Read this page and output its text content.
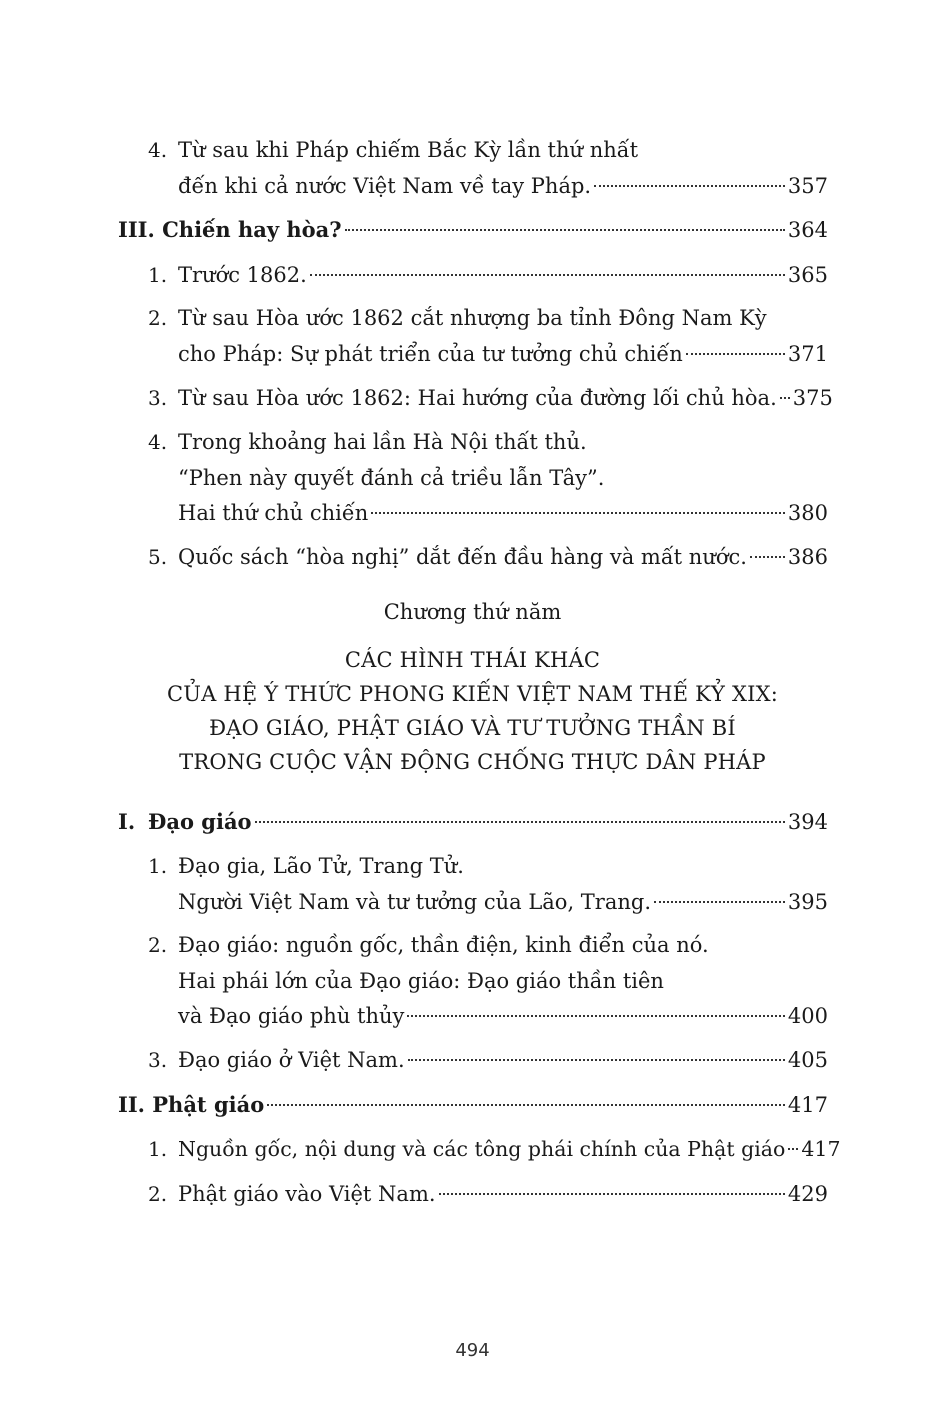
4. Từ sau khi Pháp chiếm Bắc Kỳ lần thứ nhất
đến khi cả nước Việt Nam về tay Pháp.	357
III. Chiến hay hòa?	364
1. Trước 1862.	365
2. Từ sau Hòa ước 1862 cắt nhượng ba tỉnh Đông Nam Kỳ
cho Pháp: Sự phát triển của tư tưởng chủ chiến	371
3. Từ sau Hòa ước 1862: Hai hướng của đường lối chủ hòa. 375
4. Trong khoảng hai lần Hà Nội thất thủ.
“Phen này quyết đánh cả triều lẫn Tây”.
Hai thứ chủ chiến	380
5. Quốc sách “hòa nghị” dắt đến đầu hàng và mất nước. 386
Chương thứ năm
CÁC HÌNH THÁI KHÁC
CỦA HỆ Ý THỨC PHONG KIẾN VIỆT NAM THẾ KỶ XIX:
ĐẠO GIÁO, PHẬT GIÁO VÀ TƯ TƯỞNG THẦN BÍ
TRONG CUỘC VẬN ĐỘNG CHỐNG THỰC DÂN PHÁP
I. Đạo giáo	394
1. Đạo gia, Lão Tử, Trang Tử.
Người Việt Nam và tư tưởng của Lão, Trang.	395
2. Đạo giáo: nguồn gốc, thần điện, kinh điển của nó.
Hai phái lớn của Đạo giáo: Đạo giáo thần tiên
và Đạo giáo phù thủy	400
3. Đạo giáo ở Việt Nam.	405
II. Phật giáo	417
1. Nguồn gốc, nội dung và các tông phái chính của Phật giáo 417
2. Phật giáo vào Việt Nam.	429
494
